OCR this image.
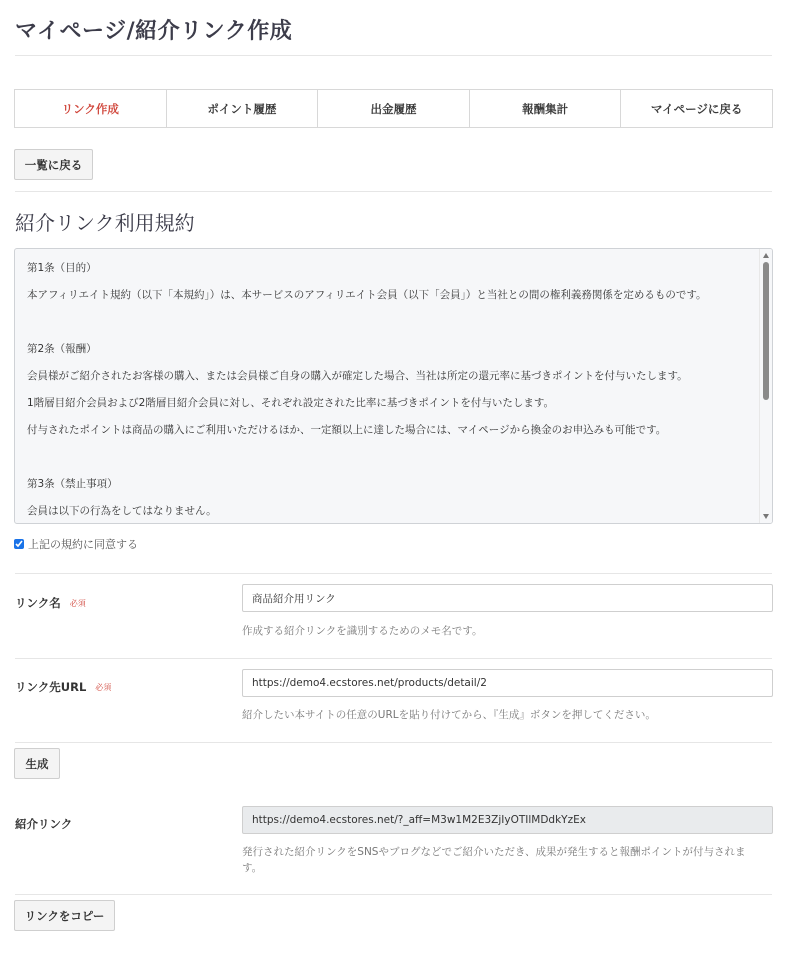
マイページ/紹介リンク作成
リンク作成	ポイント履歴	出金履歴	報酬集計	マイページに戻る
一覧に戻る
紹介リンク利用規約
第1条（目的）
本アフィリエイト規約（以下「本規約」）は、本サービスのアフィリエイト会員（以下「会員」）と当社との間の権利義務関係を定めるものです。
第2条（報酬）
会員様がご紹介されたお客様の購入、または会員様ご自身の購入が確定した場合、当社は所定の還元率に基づきポイントを付与いたします。
1階層目紹介会員および2階層目紹介会員に対し、それぞれ設定された比率に基づきポイントを付与いたします。
付与されたポイントは商品の購入にご利用いただけるほか、一定額以上に達した場合には、マイページから換金のお申込みも可能です。
第3条（禁止事項）
会員は以下の行為をしてはなりません。
上記の規約に同意する
リンク名 必須	商品紹介用リンク
作成する紹介リンクを識別するためのメモ名です。
リンク先URL 必須	https://demo4.ecstores.net/products/detail/2
紹介したい本サイトの任意のURLを貼り付けてから、『生成』ボタンを押してください。
生成
紹介リンク	https://demo4.ecstores.net/?_aff=M3w1M2E3ZjIyOTIlMDdkYzEx
発行された紹介リンクをSNSやブログなどでご紹介いただき、成果が発生すると報酬ポイントが付与されま
す。
リンクをコピー
